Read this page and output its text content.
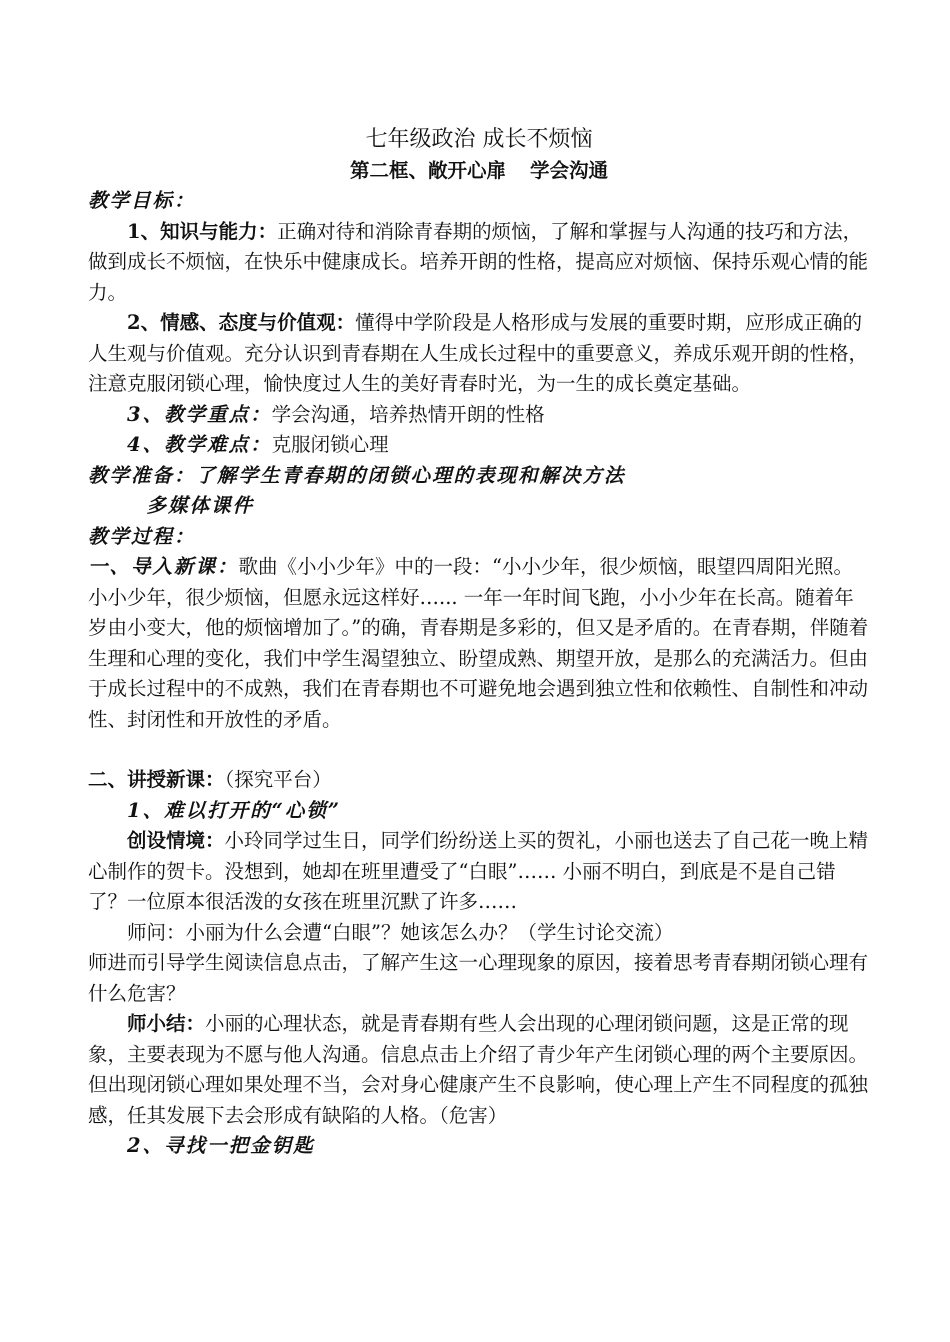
七年级政治 成长不烦恼
第二框、敞开心扉 学会沟通

教学目标：

1、知识与能力：正确对待和消除青春期的烦恼，了解和掌握与人沟通的技巧和方法，做到成长不烦恼，在快乐中健康成长。培养开朗的性格，提高应对烦恼、保持乐观心情的能力。

2、情感、态度与价值观：懂得中学阶段是人格形成与发展的重要时期，应形成正确的人生观与价值观。充分认识到青春期在人生成长过程中的重要意义，养成乐观开朗的性格，注意克服闭锁心理，愉快度过人生的美好青春时光，为一生的成长奠定基础。

3、教学重点：学会沟通，培养热情开朗的性格

4、教学难点：克服闭锁心理

教学准备：了解学生青春期的闭锁心理的表现和解决方法

多媒体课件

教学过程：

一、导入新课：歌曲《小小少年》中的一段：“小小少年，很少烦恼，眼望四周阳光照。小小少年，很少烦恼，但愿永远这样好…... 一年一年时间飞跑，小小少年在长高。随着年岁由小变大，他的烦恼增加了。”的确，青春期是多彩的，但又是矛盾的。在青春期，伴随着生理和心理的变化，我们中学生渴望独立、盼望成熟、期望开放，是那么的充满活力。但由于成长过程中的不成熟，我们在青春期也不可避免地会遇到独立性和依赖性、自制性和冲动性、封闭性和开放性的矛盾。

二、讲授新课：（探究平台）

1、难以打开的“心锁”

创设情境：小玲同学过生日，同学们纷纷送上买的贺礼，小丽也送去了自己花一晚上精心制作的贺卡。没想到，她却在班里遭受了“白眼”…… 小丽不明白，到底是不是自己错了？一位原本很活泼的女孩在班里沉默了许多……

师问：小丽为什么会遭“白眼”？她该怎么办？（学生讨论交流）

师进而引导学生阅读信息点击，了解产生这一心理现象的原因，接着思考青春期闭锁心理有什么危害？

师小结：小丽的心理状态，就是青春期有些人会出现的心理闭锁问题，这是正常的现象，主要表现为不愿与他人沟通。信息点击上介绍了青少年产生闭锁心理的两个主要原因。但出现闭锁心理如果处理不当，会对身心健康产生不良影响，使心理上产生不同程度的孤独感，任其发展下去会形成有缺陷的人格。（危害）

2、寻找一把金钥匙
